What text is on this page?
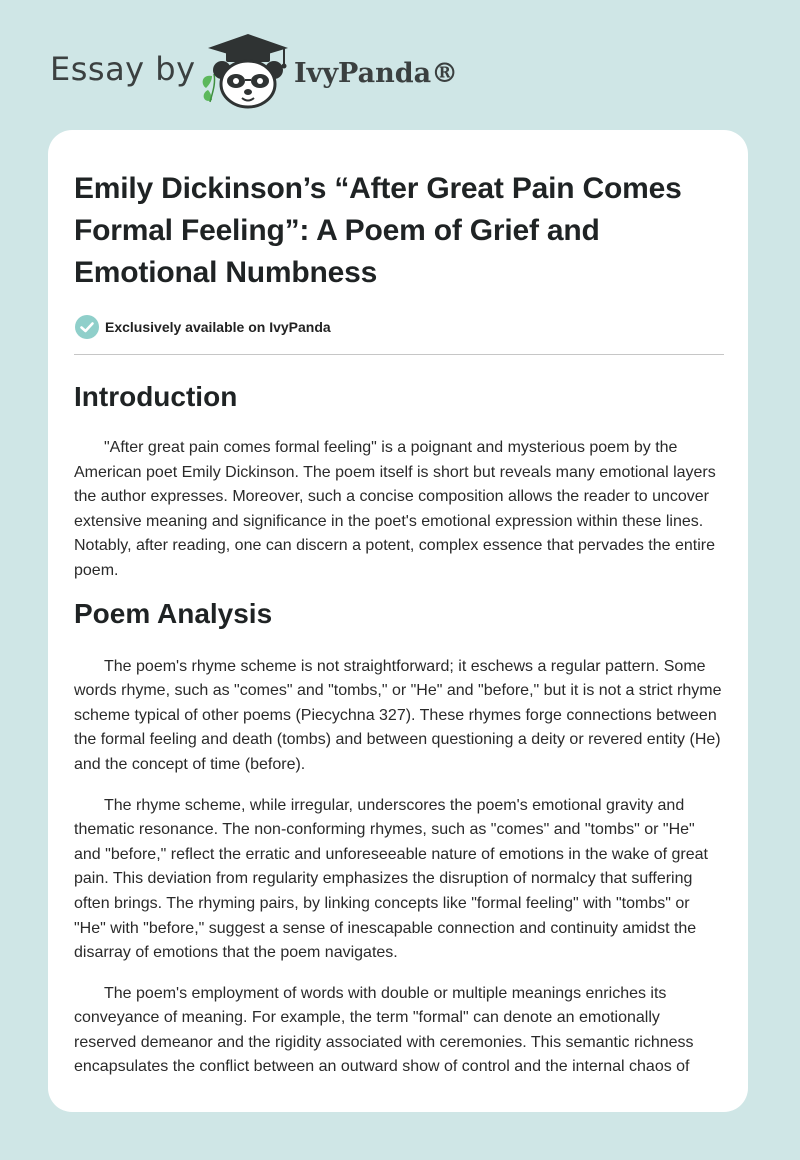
Essay by	IvyPanda®
Emily Dickinson’s “After Great Pain Comes Formal Feeling”: A Poem of Grief and Emotional Numbness
Exclusively available on IvyPanda
Introduction

"After great pain comes formal feeling" is a poignant and mysterious poem by the American poet Emily Dickinson. The poem itself is short but reveals many emotional layers the author expresses. Moreover, such a concise composition allows the reader to uncover extensive meaning and significance in the poet's emotional expression within these lines. Notably, after reading, one can discern a potent, complex essence that pervades the entire poem.

Poem Analysis

The poem's rhyme scheme is not straightforward; it eschews a regular pattern. Some words rhyme, such as "comes" and "tombs," or "He" and "before," but it is not a strict rhyme scheme typical of other poems (Piecychna 327). These rhymes forge connections between the formal feeling and death (tombs) and between questioning a deity or revered entity (He) and the concept of time (before).

The rhyme scheme, while irregular, underscores the poem's emotional gravity and thematic resonance. The non-conforming rhymes, such as "comes" and "tombs" or "He" and "before," reflect the erratic and unforeseeable nature of emotions in the wake of great pain. This deviation from regularity emphasizes the disruption of normalcy that suffering often brings. The rhyming pairs, by linking concepts like "formal feeling" with "tombs" or "He" with "before," suggest a sense of inescapable connection and continuity amidst the disarray of emotions that the poem navigates.

The poem's employment of words with double or multiple meanings enriches its conveyance of meaning. For example, the term "formal" can denote an emotionally reserved demeanor and the rigidity associated with ceremonies. This semantic richness encapsulates the conflict between an outward show of control and the internal chaos of
